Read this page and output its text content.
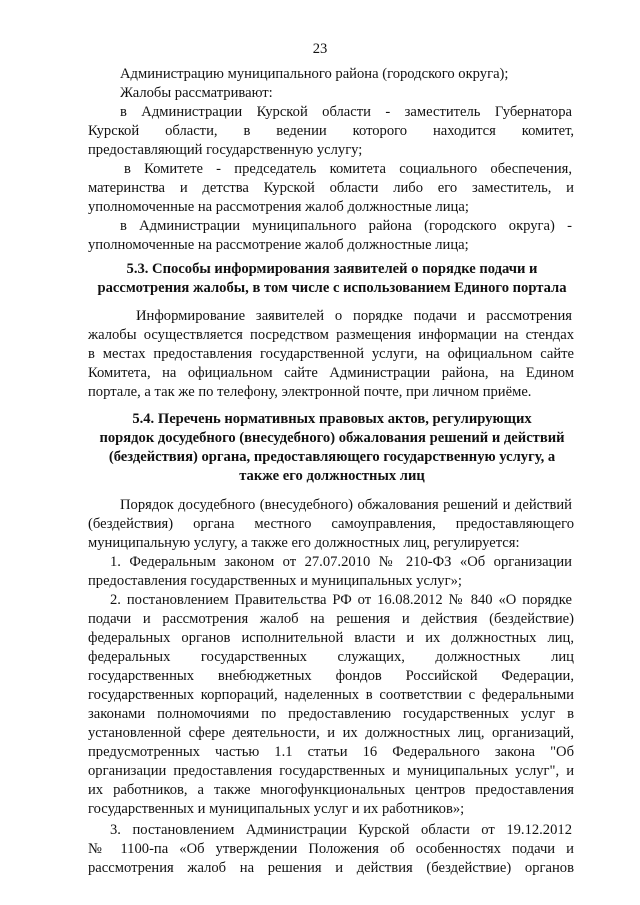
23
Администрацию муниципального района (городского округа);
Жалобы рассматривают:
в Администрации Курской области - заместитель Губернатора
Курской области, в ведении которого находится комитет,
предоставляющий государственную услугу;
в Комитете - председатель комитета социального обеспечения,
материнства и детства Курской области либо его заместитель, и
уполномоченные на рассмотрения жалоб должностные лица;
в Администрации муниципального района (городского округа) -
уполномоченные на рассмотрение жалоб должностные лица;
5.3. Способы информирования заявителей о порядке подачи и
рассмотрения жалобы, в том числе с использованием Единого портала
Информирование заявителей о порядке подачи и рассмотрения
жалобы осуществляется посредством размещения информации на стендах
в местах предоставления государственной услуги, на официальном сайте
Комитета, на официальном сайте Администрации района, на Едином
портале, а так же по телефону, электронной почте, при личном приёме.
5.4. Перечень нормативных правовых актов, регулирующих
порядок досудебного (внесудебного) обжалования решений и действий
(бездействия) органа, предоставляющего государственную услугу, а
также его должностных лиц
Порядок досудебного (внесудебного) обжалования решений и действий
(бездействия) органа местного самоуправления, предоставляющего
муниципальную услугу, а также его должностных лиц, регулируется:
1. Федеральным законом от 27.07.2010 № 210-ФЗ «Об организации
предоставления государственных и муниципальных услуг»;
2. постановлением Правительства РФ от 16.08.2012 № 840 «О порядке
подачи и рассмотрения жалоб на решения и действия (бездействие)
федеральных органов исполнительной власти и их должностных лиц,
федеральных государственных служащих, должностных лиц
государственных внебюджетных фондов Российской Федерации,
государственных корпораций, наделенных в соответствии с федеральными
законами полномочиями по предоставлению государственных услуг в
установленной сфере деятельности, и их должностных лиц, организаций,
предусмотренных частью 1.1 статьи 16 Федерального закона "Об
организации предоставления государственных и муниципальных услуг", и
их работников, а также многофункциональных центров предоставления
государственных и муниципальных услуг и их работников»;
3. постановлением Администрации Курской области от 19.12.2012
№ 1100-па «Об утверждении Положения об особенностях подачи и
рассмотрения жалоб на решения и действия (бездействие) органов
